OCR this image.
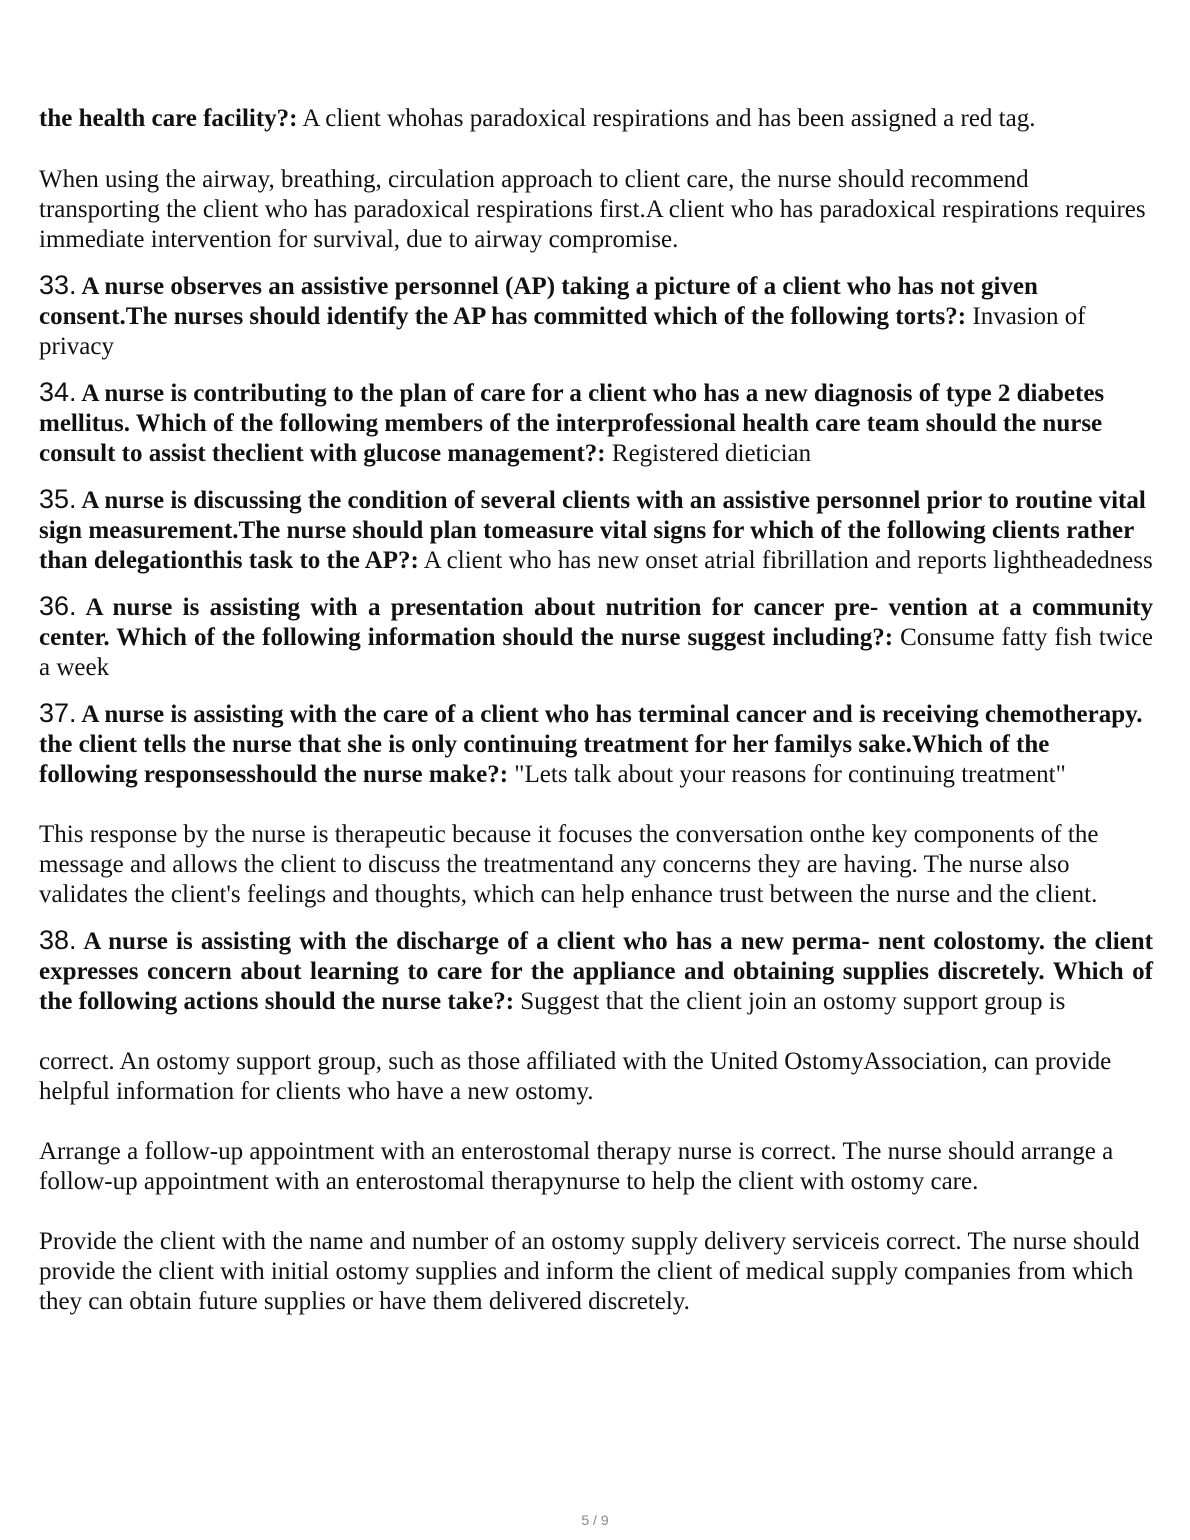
the health care facility?: A client whohas paradoxical respirations and has been assigned a red tag.

When using the airway, breathing, circulation approach to client care, the nurse should recommend transporting the client who has paradoxical respirations first.A client who has paradoxical respirations requires immediate intervention for survival, due to airway compromise.

33. A nurse observes an assistive personnel (AP) taking a picture of a client who has not given consent.The nurses should identify the AP has committed which of the following torts?: Invasion of privacy

34. A nurse is contributing to the plan of care for a client who has a new diagnosis of type 2 diabetes mellitus. Which of the following members of the interprofessional health care team should the nurse consult to assist theclient with glucose management?: Registered dietician

35. A nurse is discussing the condition of several clients with an assistive personnel prior to routine vital sign measurement.The nurse should plan tomeasure vital signs for which of the following clients rather than delegationthis task to the AP?: A client who has new onset atrial fibrillation and reports lightheadedness

36. A nurse is assisting with a presentation about nutrition for cancer pre- vention at a community center. Which of the following information should the nurse suggest including?: Consume fatty fish twice a week

37. A nurse is assisting with the care of a client who has terminal cancer and is receiving chemotherapy. the client tells the nurse that she is only continuing treatment for her familys sake.Which of the following responsesshould the nurse make?: "Lets talk about your reasons for continuing treatment"

This response by the nurse is therapeutic because it focuses the conversation onthe key components of the message and allows the client to discuss the treatmentand any concerns they are having. The nurse also validates the client's feelings and thoughts, which can help enhance trust between the nurse and the client.

38. A nurse is assisting with the discharge of a client who has a new perma- nent colostomy. the client expresses concern about learning to care for the appliance and obtaining supplies discretely. Which of the following actions should the nurse take?: Suggest that the client join an ostomy support group is

correct. An ostomy support group, such as those affiliated with the United OstomyAssociation, can provide helpful information for clients who have a new ostomy.

Arrange a follow-up appointment with an enterostomal therapy nurse is correct. The nurse should arrange a follow-up appointment with an enterostomal therapynurse to help the client with ostomy care.

Provide the client with the name and number of an ostomy supply delivery serviceis correct. The nurse should provide the client with initial ostomy supplies and inform the client of medical supply companies from which they can obtain future supplies or have them delivered discretely.

5 / 9
